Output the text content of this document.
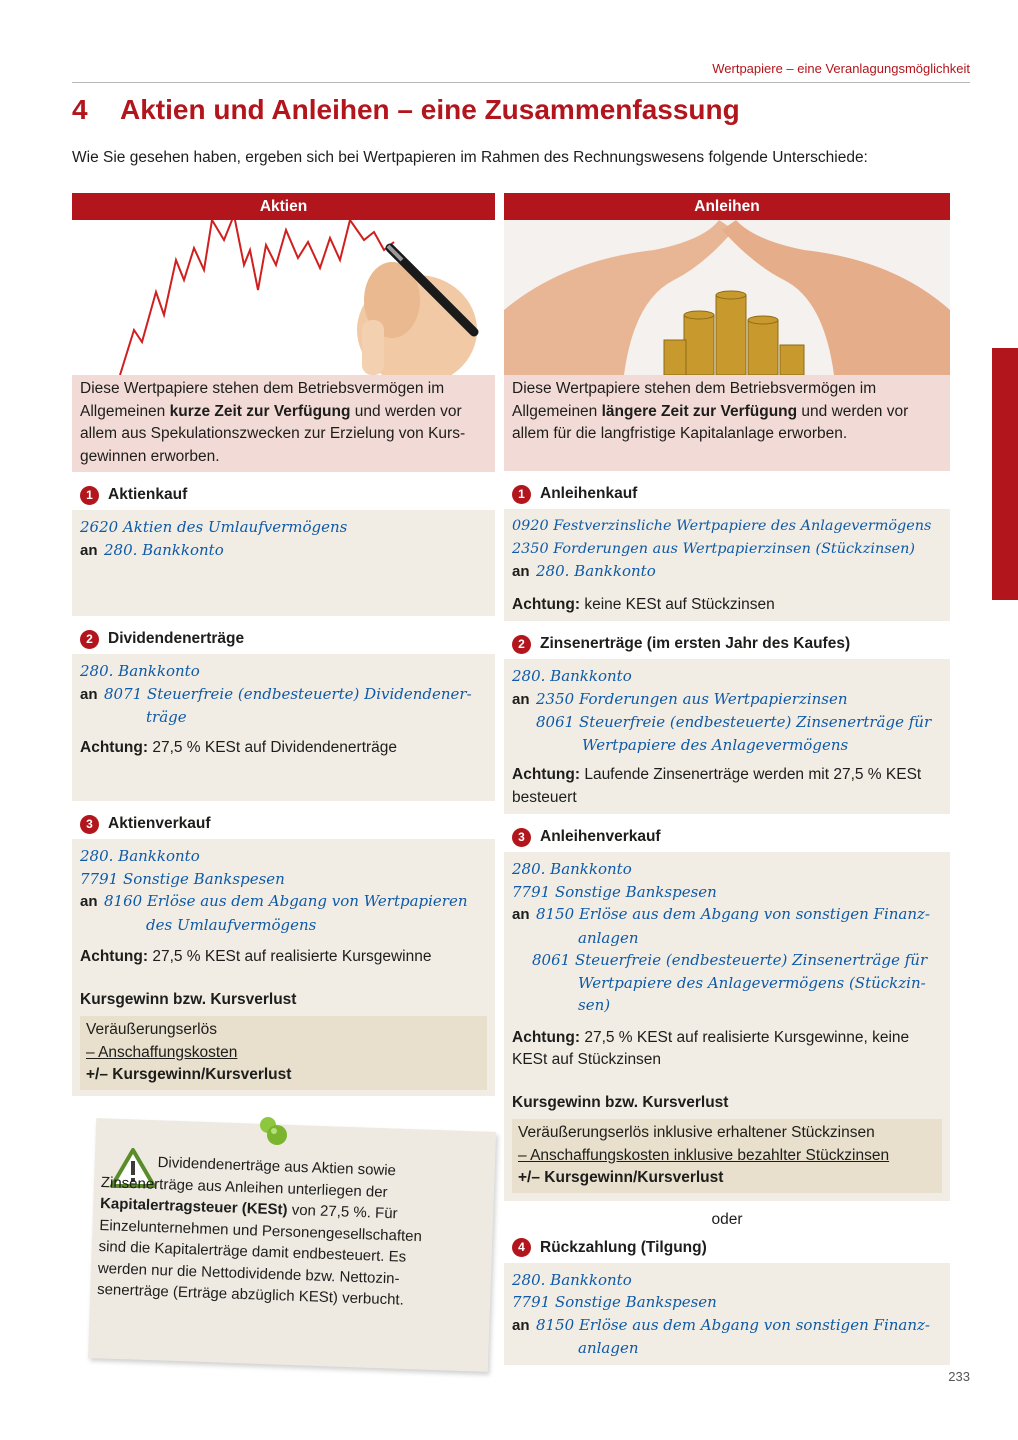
Wertpapiere – eine Veranlagungsmöglichkeit
4	Aktien und Anleihen – eine Zusammenfassung
Wie Sie gesehen haben, ergeben sich bei Wertpapieren im Rahmen des Rechnungswesens folgende Unterschiede:
Aktien
Diese Wertpapiere stehen dem Betriebsvermögen im Allgemeinen kurze Zeit zur Verfügung und werden vor allem aus Spekulationszwecken zur Erzielung von Kurs-gewinnen erworben.
1 Aktienkauf
2620 Aktien des Umlaufvermögens
an 280. Bankkonto
2 Dividendenerträge
280. Bankkonto
an 8071 Steuerfreie (endbesteuerte) Dividendener-
träge
Achtung: 27,5 % KESt auf Dividendenerträge
3 Aktienverkauf
280. Bankkonto
7791 Sonstige Bankspesen
an 8160 Erlöse aus dem Abgang von Wertpapieren
des Umlaufvermögens
Achtung: 27,5 % KESt auf realisierte Kursgewinne
Kursgewinn bzw. Kursverlust
Veräußerungserlös
– Anschaffungskosten
+/– Kursgewinn/Kursverlust
Anleihen
Diese Wertpapiere stehen dem Betriebsvermögen im Allgemeinen längere Zeit zur Verfügung und werden vor allem für die langfristige Kapitalanlage erworben.
1 Anleihenkauf
0920 Festverzinsliche Wertpapiere des Anlagevermögens
2350 Forderungen aus Wertpapierzinsen (Stückzinsen)
an 280. Bankkonto
Achtung: keine KESt auf Stückzinsen
2 Zinsenerträge (im ersten Jahr des Kaufes)
280. Bankkonto
an 2350 Forderungen aus Wertpapierzinsen
8061 Steuerfreie (endbesteuerte) Zinsenerträge für
Wertpapiere des Anlagevermögens
Achtung: Laufende Zinsenerträge werden mit 27,5 % KESt besteuert
3 Anleihenverkauf
280. Bankkonto
7791 Sonstige Bankspesen
an 8150 Erlöse aus dem Abgang von sonstigen Finanz-
anlagen
8061 Steuerfreie (endbesteuerte) Zinsenerträge für
Wertpapiere des Anlagevermögens (Stückzin-
sen)
Achtung: 27,5 % KESt auf realisierte Kursgewinne, keine KESt auf Stückzinsen
Kursgewinn bzw. Kursverlust
Veräußerungserlös inklusive erhaltener Stückzinsen
– Anschaffungskosten inklusive bezahlter Stückzinsen
+/– Kursgewinn/Kursverlust
oder
4 Rückzahlung (Tilgung)
280. Bankkonto
7791 Sonstige Bankspesen
an 8150 Erlöse aus dem Abgang von sonstigen Finanz-
anlagen
Dividendenerträge aus Aktien sowie Zinsenerträge aus Anleihen unterliegen der Kapitalertragsteuer (KESt) von 27,5 %. Für Einzelunternehmen und Personengesellschaften sind die Kapitalerträge damit endbesteuert. Es werden nur die Nettodividende bzw. Nettozin-senerträge (Erträge abzüglich KESt) verbucht.
233
